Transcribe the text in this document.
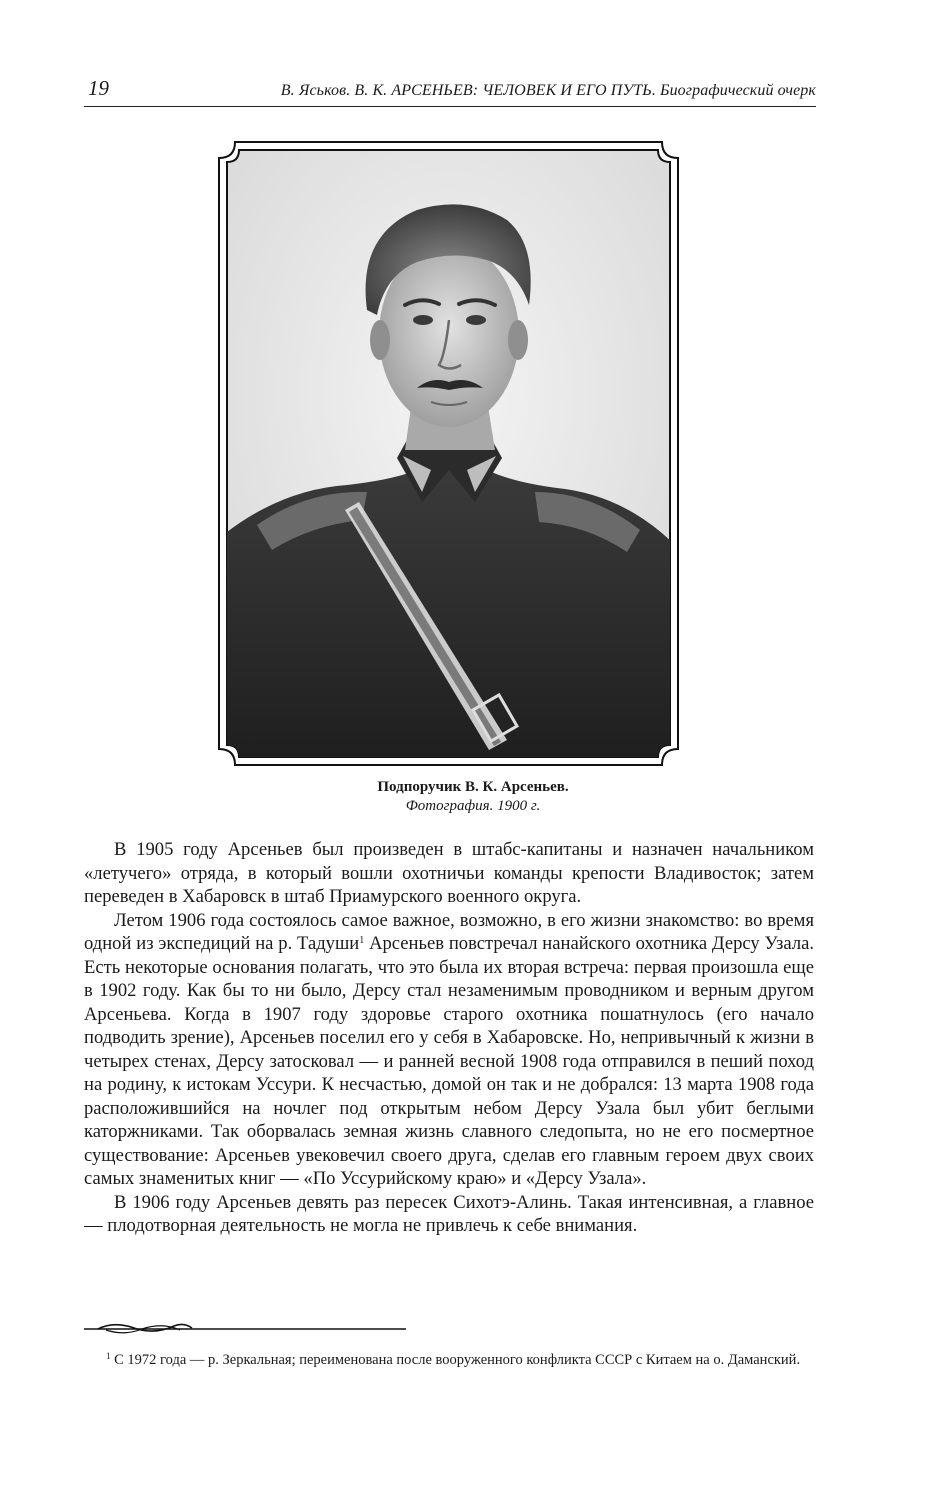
19	В. Яськов. В. К. АРСЕНЬЕВ: ЧЕЛОВЕК И ЕГО ПУТЬ. Биографический очерк
Подпоручик В. К. Арсеньев.
Фотография. 1900 г.

В 1905 году Арсеньев был произведен в штабс-капитаны и назначен начальником «летучего» отряда, в который вошли охотничьи команды крепости Владивосток; затем переведен в Хабаровск в штаб Приамурского военного округа.

Летом 1906 года состоялось самое важное, возможно, в его жизни знакомство: во время одной из экспедиций на р. Тадуши$^1$ Арсеньев повстречал нанайского охотника Дерсу Узала. Есть некоторые основания полагать, что это была их вторая встреча: первая произошла еще в 1902 году. Как бы то ни было, Дерсу стал незаменимым проводником и верным другом Арсеньева. Когда в 1907 году здоровье старого охотника пошатнулось (его начало подводить зрение), Арсеньев поселил его у себя в Хабаровске. Но, непривычный к жизни в четырех стенах, Дерсу затосковал — и ранней весной 1908 года отправился в пеший поход на родину, к истокам Уссури. К несчастью, домой он так и не добрался: 13 марта 1908 года расположившийся на ночлег под открытым небом Дерсу Узала был убит беглыми каторжниками. Так оборвалась земная жизнь славного следопыта, но не его посмертное существование: Арсеньев увековечил своего друга, сделав его главным героем двух своих самых знаменитых книг — «По Уссурийскому краю» и «Дерсу Узала».

В 1906 году Арсеньев девять раз пересек Сихотэ-Алинь. Такая интенсивная, а главное — плодотворная деятельность не могла не привлечь к себе внимания.

$^1$ С 1972 года — р. Зеркальная; переименована после вооруженного конфликта СССР с Китаем на о. Даманский.
